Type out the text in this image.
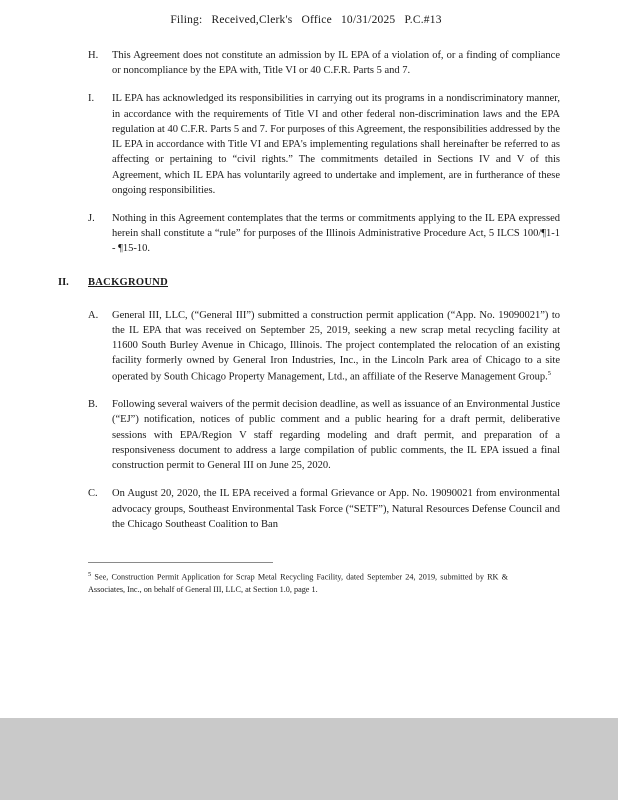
Filing: Received,Clerk's Office 10/31/2025 P.C.#13
H.	This Agreement does not constitute an admission by IL EPA of a violation of, or a finding of compliance or noncompliance by the EPA with, Title VI or 40 C.F.R. Parts 5 and 7.
I.	IL EPA has acknowledged its responsibilities in carrying out its programs in a nondiscriminatory manner, in accordance with the requirements of Title VI and other federal non-discrimination laws and the EPA regulation at 40 C.F.R. Parts 5 and 7. For purposes of this Agreement, the responsibilities addressed by the IL EPA in accordance with Title VI and EPA's implementing regulations shall hereinafter be referred to as affecting or pertaining to “civil rights.” The commitments detailed in Sections IV and V of this Agreement, which IL EPA has voluntarily agreed to undertake and implement, are in furtherance of these ongoing responsibilities.
J.	Nothing in this Agreement contemplates that the terms or commitments applying to the IL EPA expressed herein shall constitute a “rule” for purposes of the Illinois Administrative Procedure Act, 5 ILCS 100/¶1-1 - ¶15-10.
II.	BACKGROUND
A.	General III, LLC, (“General III”) submitted a construction permit application (“App. No. 19090021”) to the IL EPA that was received on September 25, 2019, seeking a new scrap metal recycling facility at 11600 South Burley Avenue in Chicago, Illinois. The project contemplated the relocation of an existing facility formerly owned by General Iron Industries, Inc., in the Lincoln Park area of Chicago to a site operated by South Chicago Property Management, Ltd., an affiliate of the Reserve Management Group.$^5$
B.	Following several waivers of the permit decision deadline, as well as issuance of an Environmental Justice (“EJ”) notification, notices of public comment and a public hearing for a draft permit, deliberative sessions with EPA/Region V staff regarding modeling and draft permit, and preparation of a responsiveness document to address a large compilation of public comments, the IL EPA issued a final construction permit to General III on June 25, 2020.
C.	On August 20, 2020, the IL EPA received a formal Grievance or App. No. 19090021 from environmental advocacy groups, Southeast Environmental Task Force (“SETF”), Natural Resources Defense Council and the Chicago Southeast Coalition to Ban
$^5$ See, Construction Permit Application for Scrap Metal Recycling Facility, dated September 24, 2019, submitted by RK & Associates, Inc., on behalf of General III, LLC, at Section 1.0, page 1.
